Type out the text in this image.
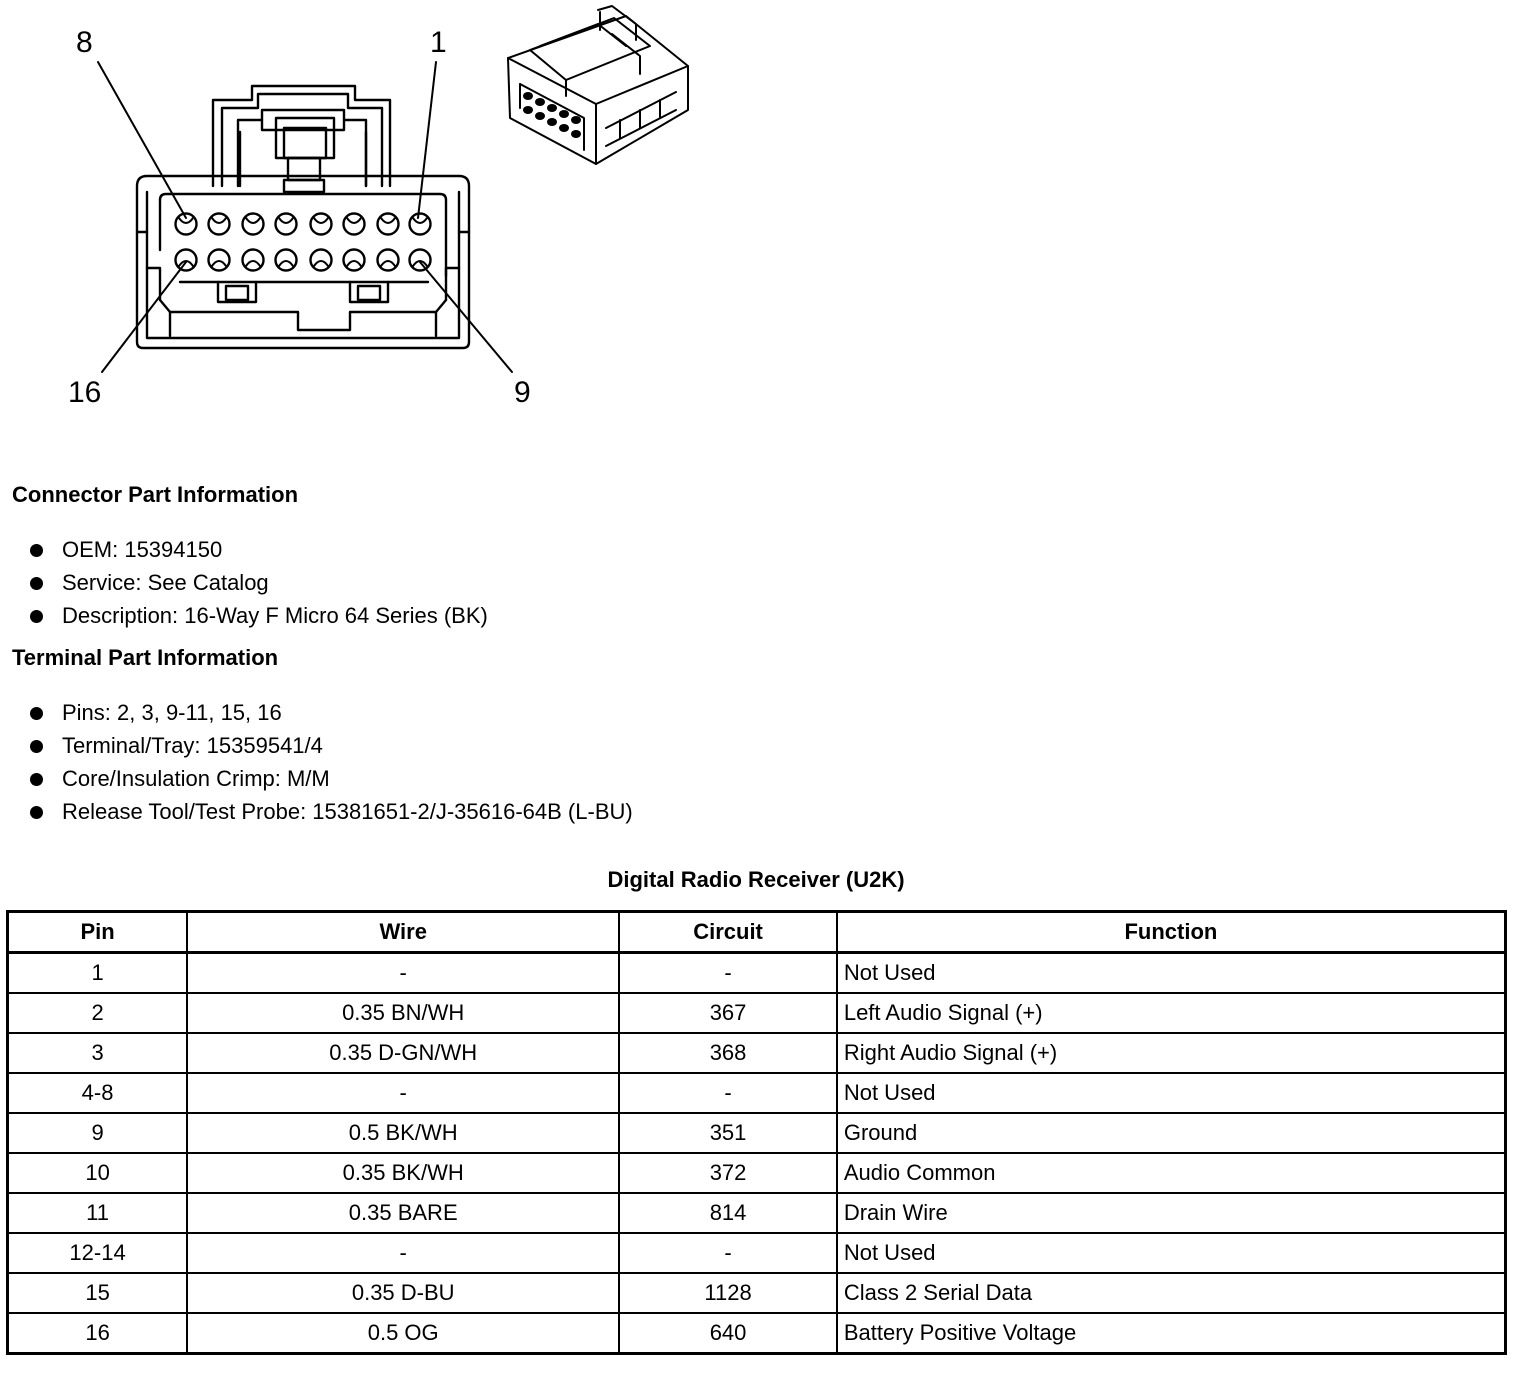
8	1
16	9
Connector Part Information
OEM: 15394150
Service: See Catalog
Description: 16-Way F Micro 64 Series (BK)
Terminal Part Information
Pins: 2, 3, 9-11, 15, 16
Terminal/Tray: 15359541/4
Core/Insulation Crimp: M/M
Release Tool/Test Probe: 15381651-2/J-35616-64B (L-BU)
Digital Radio Receiver (U2K)
Pin	Wire	Circuit	Function
1	-	-	Not Used
2	0.35 BN/WH	367	Left Audio Signal (+)
3	0.35 D-GN/WH	368	Right Audio Signal (+)
4-8	-	-	Not Used
9	0.5 BK/WH	351	Ground
10	0.35 BK/WH	372	Audio Common
11	0.35 BARE	814	Drain Wire
12-14	-	-	Not Used
15	0.35 D-BU	1128	Class 2 Serial Data
16	0.5 OG	640	Battery Positive Voltage
